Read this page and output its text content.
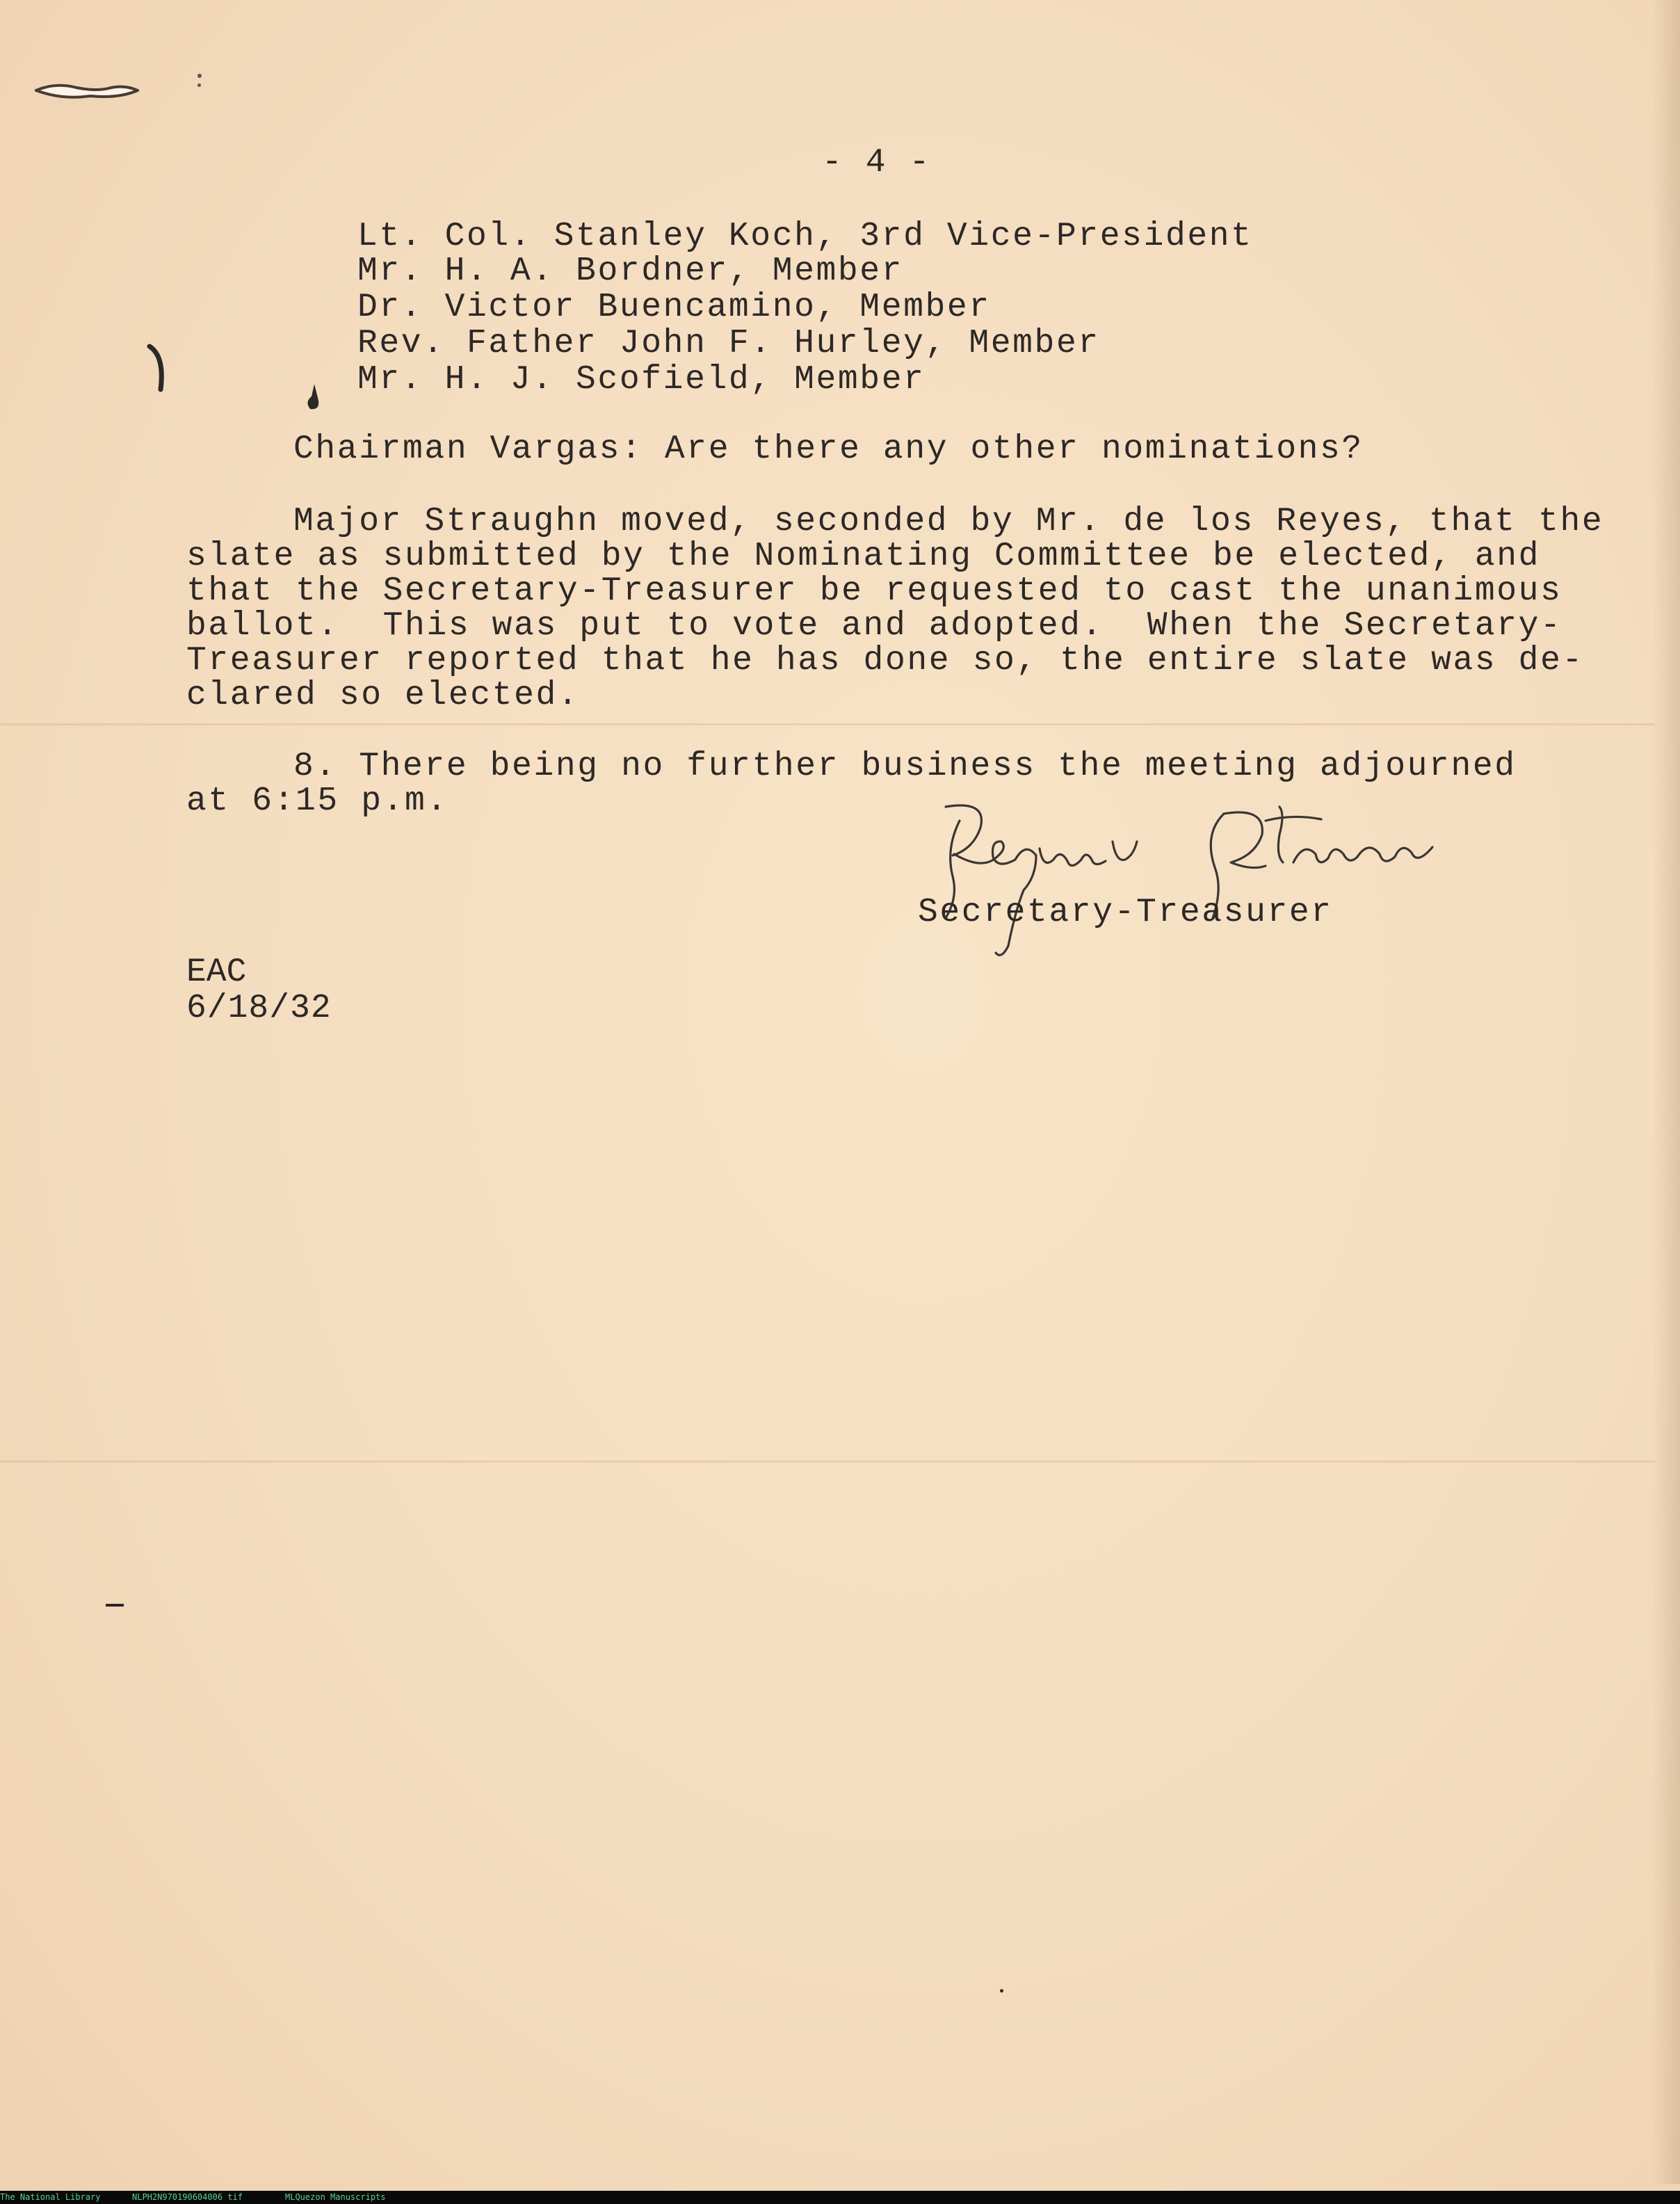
- 4 -
Lt. Col. Stanley Koch, 3rd Vice-President
Mr. H. A. Bordner, Member
Dr. Victor Buencamino, Member
Rev. Father John F. Hurley, Member
Mr. H. J. Scofield, Member
Chairman Vargas: Are there any other nominations?
Major Straughn moved, seconded by Mr. de los Reyes, that the
slate as submitted by the Nominating Committee be elected, and
that the Secretary-Treasurer be requested to cast the unanimous
ballot.  This was put to vote and adopted.  When the Secretary-
Treasurer reported that he has done so, the entire slate was de-
clared so elected.
8. There being no further business the meeting adjourned
at 6:15 p.m.
Secretary-Treasurer
EAC
6/18/32
The National Library	NLPH2N970190604006 tif	MLQuezon Manuscripts
